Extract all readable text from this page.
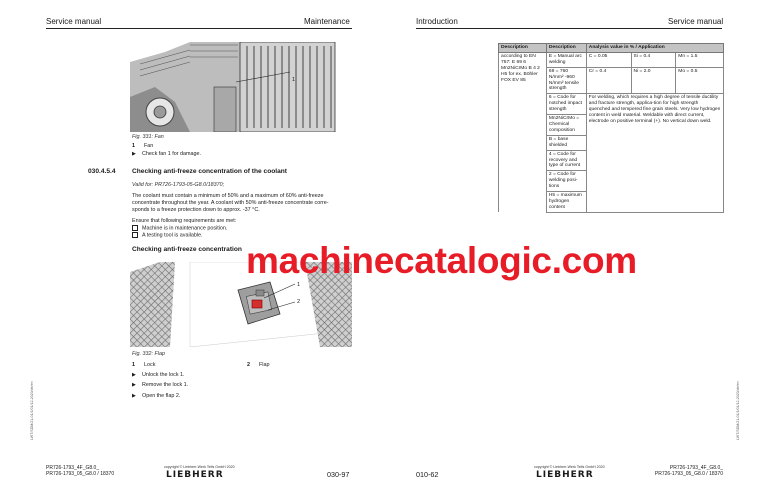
Service manual	Maintenance
1
Fig. 331: Fan
1 Fan
▶ Check fan 1 for damage.
030.4.5.4	Checking anti-freeze concentration of the coolant
Valid for: PR726-1793-05-G8.0/18370;

The coolant must contain a minimum of 50% and a maximum of 60% anti-freeze

concentrate throughout the year. A coolant with 50% anti-freeze concentrate corre-

sponds to a freeze protection down to approx. -37 °C.

Ensure that following requirements are met:
Machine is in maintenance position.
A testing tool is available.
Checking anti-freeze concentration
1
2
Fig. 332: Flap
1 Lock	2 Flap
▶ Unlock the lock 1.
▶ Remove the lock 1.
▶ Open the flap 2.
PR726-1793_4F_G8.0_
PR726-1793_05_G8.0 / 18370
copyright © Liebherr-Werk Telfs GmbH 2020
LIEBHERR	030-97
LWT/SDM/21-01/1/01/12-2020/de/en
Introduction	Service manual
Description	Description	Analysis value in % / Application		
according to EN 757: E 69 6 Mn2NiCrMo B 4 2 H5 for ex. Böhler FOX EV 85	E = Manual arc welding	C = 0.05	Si = 0.4	Mn = 1.5
	69 = 760 N/mm² -960 N/mm² tensile strength	Cr = 0.4	Ni = 2.0	Mo = 0.5
	6 = Code for notched impact strength	For welding, which requires a high degree of tensile ductility and fracture strength, applica-tion for high strength quenched and tempered fine grain steels. Very low hydrogen content in weld material. Weldable with direct current, electrode on positive terminal (+). No vertical down weld.		
	Mn2NiCrMo = Chemical composition			
	B = base shielded			
	4 = Code for recovery and type of current			
	2 = Code for welding posi-tions			
	H5 = maximum hydrogen content			
010-62
copyright © Liebherr-Werk Telfs GmbH 2020
LIEBHERR
PR726-1793_4F_G8.0_
PR726-1793_05_G8.0 / 18370
LWT/SDM/21-01/1/01/12-2020/de/en
machinecatalogic.com
